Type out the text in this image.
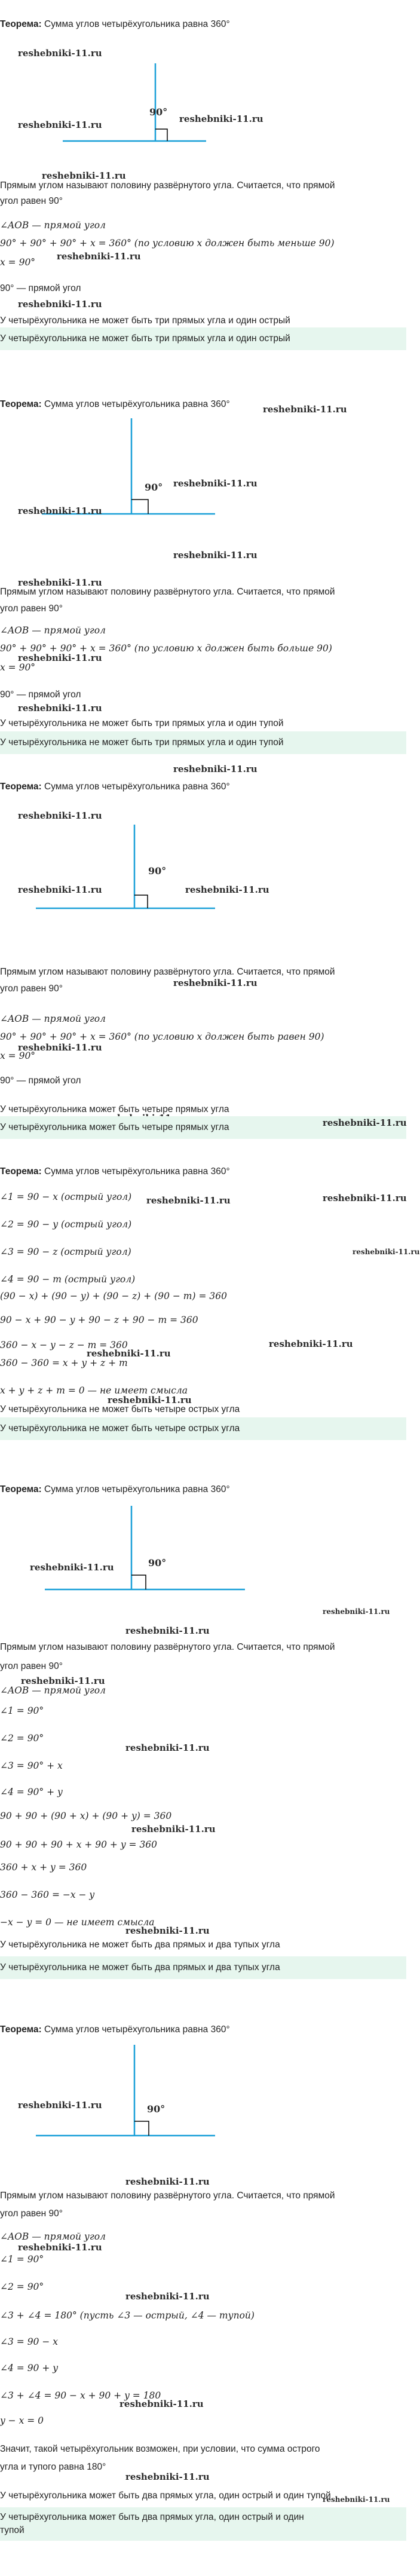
Теорема: Сумма углов четырёхугольника равна 360°
reshebniki-11.ru
90°
reshebniki-11.ru
reshebniki-11.ru
reshebniki-11.ru
Прямым углом называют половину развёрнутого угла. Считается, что прямой
угол равен 90°
∠AOB — прямой угол
90° + 90° + 90° + x = 360° (по условию x должен быть меньше 90)
reshebniki-11.ru
x = 90°
90° — прямой угол
reshebniki-11.ru
У четырёхугольника не может быть три прямых угла и один острый
У четырёхугольника не может быть три прямых угла и один острый
Теорема: Сумма углов четырёхугольника равна 360°	reshebniki-11.ru
90° reshebniki-11.ru
reshebniki-11.ru
reshebniki-11.ru
reshebniki-11.ru
Прямым углом называют половину развёрнутого угла. Считается, что прямой
угол равен 90°
∠AOB — прямой угол
90° + 90° + 90° + x = 360° (по условию x должен быть больше 90)
reshebniki-11.ru
x = 90°
90° — прямой угол
reshebniki-11.ru
У четырёхугольника не может быть три прямых угла и один тупой
У четырёхугольника не может быть три прямых угла и один тупой
reshebniki-11.ru
Теорема: Сумма углов четырёхугольника равна 360°
reshebniki-11.ru
90°
reshebniki-11.ru	reshebniki-11.ru
Прямым углом называют половину развёрнутого угла. Считается, что прямой
reshebniki-11.ru
угол равен 90°
∠AOB — прямой угол
90° + 90° + 90° + x = 360° (по условию x должен быть равен 90)
reshebniki-11.ru
x = 90°
90° — прямой угол
У четырёхугольника может быть четыре прямых угла
У четырёхугольника может быть четыре прямых угла	reshebniki-11.ru
Теорема: Сумма углов четырёхугольника равна 360°
∠1 = 90 − x (острый угол) reshebniki-11.ru	reshebniki-11.ru
∠2 = 90 − y (острый угол)
∠3 = 90 − z (острый угол)	reshebniki-11.ru
∠4 = 90 − m (острый угол)
(90 − x) + (90 − y) + (90 − z) + (90 − m) = 360
90 − x + 90 − y + 90 − z + 90 − m = 360
360 − x − y − z − m = 360	reshebniki-11.ru
360 − 360 = x + y + z + m
reshebniki-11.ru
x + y + z + m = 0 — не имеет смысла
reshebniki-11.ru
У четырёхугольника не может быть четыре острых угла
У четырёхугольника не может быть четыре острых угла
Теорема: Сумма углов четырёхугольника равна 360°
90°
reshebniki-11.ru
reshebniki-11.ru
reshebniki-11.ru
Прямым углом называют половину развёрнутого угла. Считается, что прямой
угол равен 90°
reshebniki-11.ru
∠AOB — прямой угол
∠1 = 90°
∠2 = 90°
reshebniki-11.ru
∠3 = 90° + x
∠4 = 90° + y
90 + 90 + (90 + x) + (90 + y) = 360
reshebniki-11.ru
90 + 90 + 90 + x + 90 + y = 360
360 + x + y = 360
360 − 360 = −x − y
−x − y = 0 — не имеет смысла
reshebniki-11.ru
У четырёхугольника не может быть два прямых и два тупых угла
У четырёхугольника не может быть два прямых и два тупых угла
Теорема: Сумма углов четырёхугольника равна 360°
90°
reshebniki-11.ru
reshebniki-11.ru
Прямым углом называют половину развёрнутого угла. Считается, что прямой
угол равен 90°
∠AOB — прямой угол
reshebniki-11.ru
∠1 = 90°
∠2 = 90°
reshebniki-11.ru
∠3 + ∠4 = 180° (пусть ∠3 — острый, ∠4 — тупой)
∠3 = 90 − x
∠4 = 90 + y
∠3 + ∠4 = 90 − x + 90 + y = 180
reshebniki-11.ru
y − x = 0
Значит, такой четырёхугольник возможен, при условии, что сумма острого
угла и тупого равна 180°
reshebniki-11.ru
У четырёхугольника может быть два прямых угла, один острый и один тупой
reshebniki-11.ru
У четырёхугольника может быть два прямых угла, один острый и один
тупой
